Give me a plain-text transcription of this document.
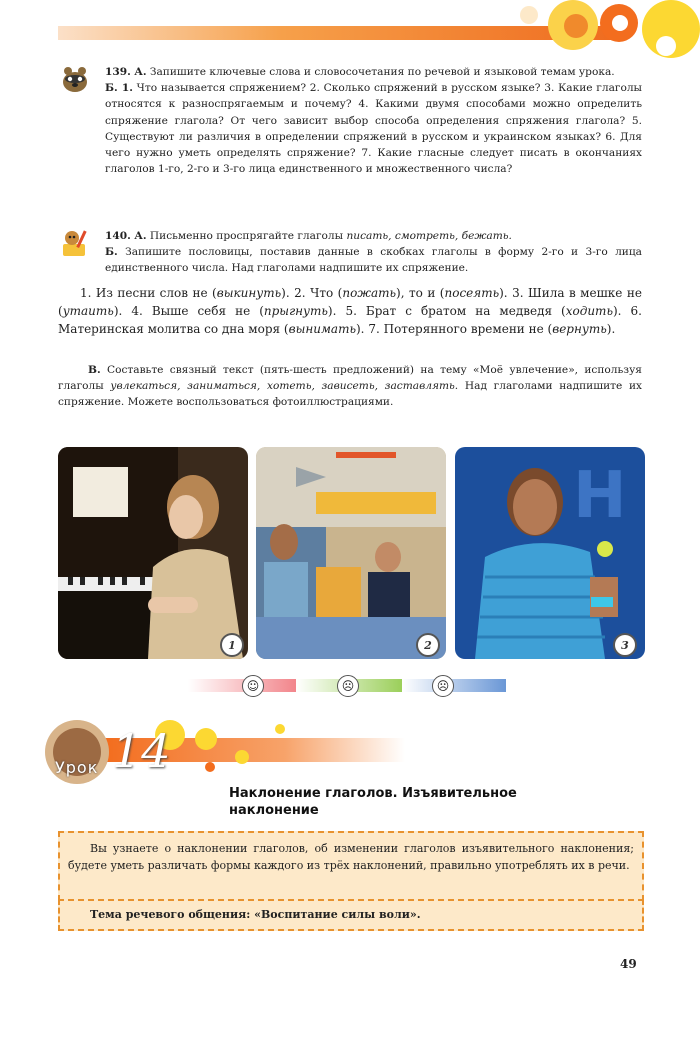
139. А. Запишите ключевые слова и словосочетания по речевой и языковой темам урока.
Б. 1. Что называется спряжением? 2. Сколько спряжений в русском языке? 3. Какие глаголы относятся к разноспрягаемым и почему? 4. Какими двумя способами можно определить спряжение глагола? От чего зависит выбор способа определения спряжения глагола? 5. Существуют ли различия в определении спряжений в русском и украинском языках? 6. Для чего нужно уметь определять спряжение? 7. Какие гласные следует писать в окончаниях глаголов 1-го, 2-го и 3-го лица единственного и множественного числа?
140. А. Письменно проспрягайте глаголы писать, смотреть, бежать.
Б. Запишите пословицы, поставив данные в скобках глаголы в форму 2-го и 3-го лица единственного числа. Над глаголами надпишите их спряжение.
1. Из песни слов не (выкинуть). 2. Что (пожать), то и (посеять). 3. Шила в мешке не (утаить). 4. Выше себя не (прыгнуть). 5. Брат с братом на медведя (ходить). 6. Материнская молитва со дна моря (вынимать). 7. Потерянного времени не (вернуть).
В. Составьте связный текст (пять-шесть предложений) на тему «Моё увлечение», используя глаголы увлекаться, заниматься, хотеть, зависеть, заставлять. Над глаголами надпишите их спряжение. Можете воспользоваться фотоиллюстрациями.
1	2
H
3
☺	☹	☹
Урок 14
Наклонение глаголов. Изъявительное
наклонение
Вы узнаете о наклонении глаголов, об изменении глаголов изъявительного наклонения; будете уметь различать формы каждого из трёх наклонений, правильно употреблять их в речи.
Тема речевого общения: «Воспитание силы воли».
49
